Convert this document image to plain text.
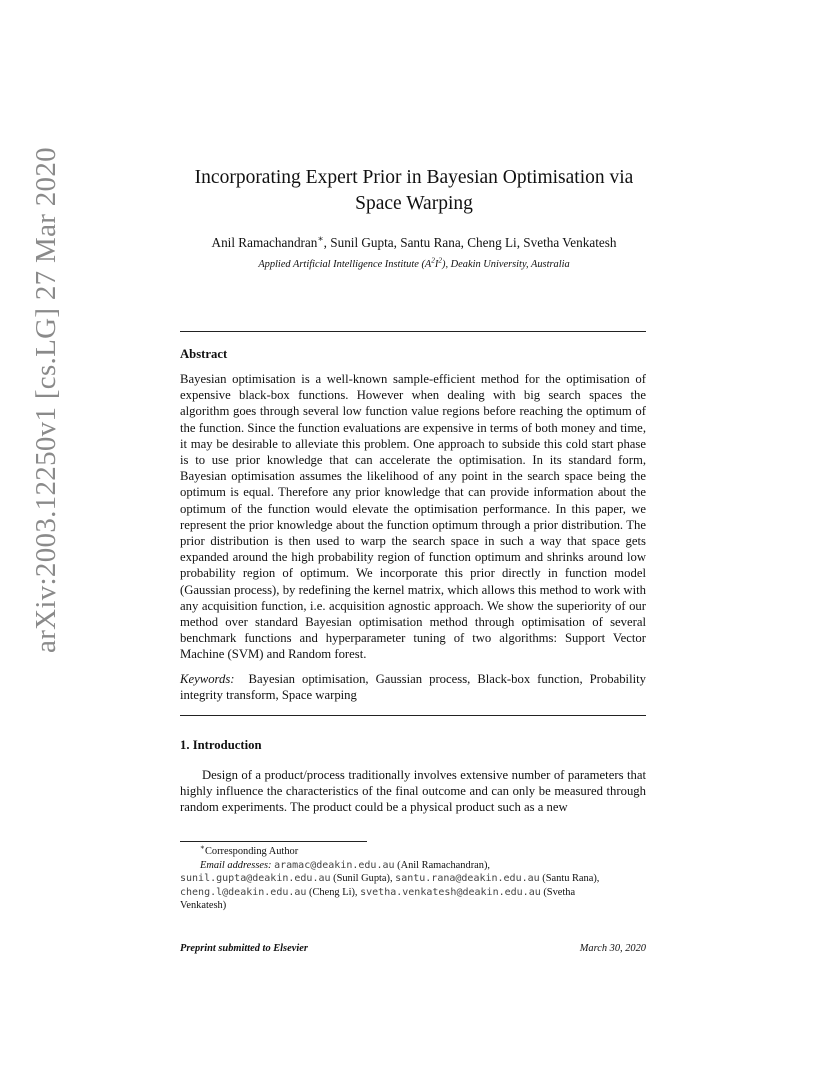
arXiv:2003.12250v1 [cs.LG] 27 Mar 2020	Incorporating Expert Prior in Bayesian Optimisation via
Space Warping
Anil Ramachandran∗, Sunil Gupta, Santu Rana, Cheng Li, Svetha Venkatesh
Applied Artificial Intelligence Institute $(A^2I^2)$, Deakin University, Australia
Abstract
Bayesian optimisation is a well-known sample-efficient method for the optimisation of expensive black-box functions. However when dealing with big search spaces the algorithm goes through several low function value regions before reaching the optimum of the function. Since the function evaluations are expensive in terms of both money and time, it may be desirable to alleviate this problem. One approach to subside this cold start phase is to use prior knowledge that can accelerate the optimisation. In its standard form, Bayesian optimisation assumes the likelihood of any point in the search space being the optimum is equal. Therefore any prior knowledge that can provide information about the optimum of the function would elevate the optimisation performance. In this paper, we represent the prior knowledge about the function optimum through a prior distribution. The prior distribution is then used to warp the search space in such a way that space gets expanded around the high probability region of function optimum and shrinks around low probability region of optimum. We incorporate this prior directly in function model (Gaussian process), by redefining the kernel matrix, which allows this method to work with any acquisition function, i.e. acquisition agnostic approach. We show the superiority of our method over standard Bayesian optimisation method through optimisation of several benchmark functions and hyperparameter tuning of two algorithms: Support Vector Machine (SVM) and Random forest.
Keywords: Bayesian optimisation, Gaussian process, Black-box function, Probability integrity transform, Space warping
1. Introduction
Design of a product/process traditionally involves extensive number of parameters that highly influence the characteristics of the final outcome and can only be measured through random experiments. The product could be a physical product such as a new
∗Corresponding Author
Email addresses: aramac@deakin.edu.au (Anil Ramachandran),
sunil.gupta@deakin.edu.au (Sunil Gupta), santu.rana@deakin.edu.au (Santu Rana),
cheng.l@deakin.edu.au (Cheng Li), svetha.venkatesh@deakin.edu.au (Svetha
Venkatesh)
Preprint submitted to Elsevier	March 30, 2020
